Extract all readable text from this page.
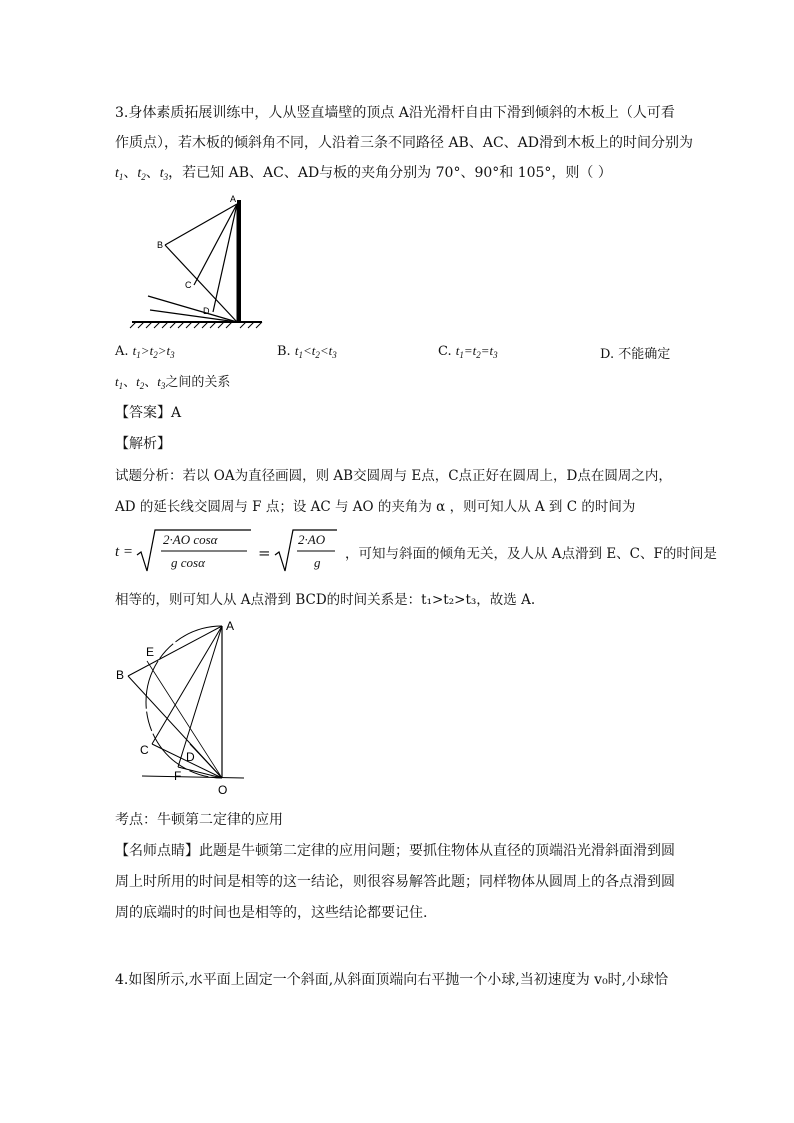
3.身体素质拓展训练中，人从竖直墙壁的顶点 A沿光滑杆自由下滑到倾斜的木板上（人可看
作质点），若木板的倾斜角不同，人沿着三条不同路径 AB、AC、AD滑到木板上的时间分别为
$t_1$、$t_2$、$t_3$，若已知 AB、AC、AD与板的夹角分别为 70°、90°和 105°，则（ ）
A
B
C
D
A. $t_1>t_2>t_3$	B. $t_1<t_2<t_3$	C. $t_1=t_2=t_3$	D. 不能确定
$t_1$、$t_2$、$t_3$之间的关系
【答案】A
【解析】
试题分析：若以 OA为直径画圆，则 AB交圆周与 E点，C点正好在圆周上，D点在圆周之内，
AD 的延长线交圆周与 F 点；设 AC 与 AO 的夹角为 α ，则可知人从 A 到 C 的时间为
t =
2·AO cosα
g cosα
=
2·AO
g
，可知与斜面的倾角无关，及人从 A点滑到 E、C、F的时间是
相等的，则可知人从 A点滑到 BCD的时间关系是：t₁>t₂>t₃，故选 A.
A
B
E
C	D
F
O
考点：牛顿第二定律的应用
【名师点睛】此题是牛顿第二定律的应用问题；要抓住物体从直径的顶端沿光滑斜面滑到圆
周上时所用的时间是相等的这一结论，则很容易解答此题；同样物体从圆周上的各点滑到圆
周的底端时的时间也是相等的，这些结论都要记住.
4.如图所示,水平面上固定一个斜面,从斜面顶端向右平抛一个小球,当初速度为 v₀时,小球恰
